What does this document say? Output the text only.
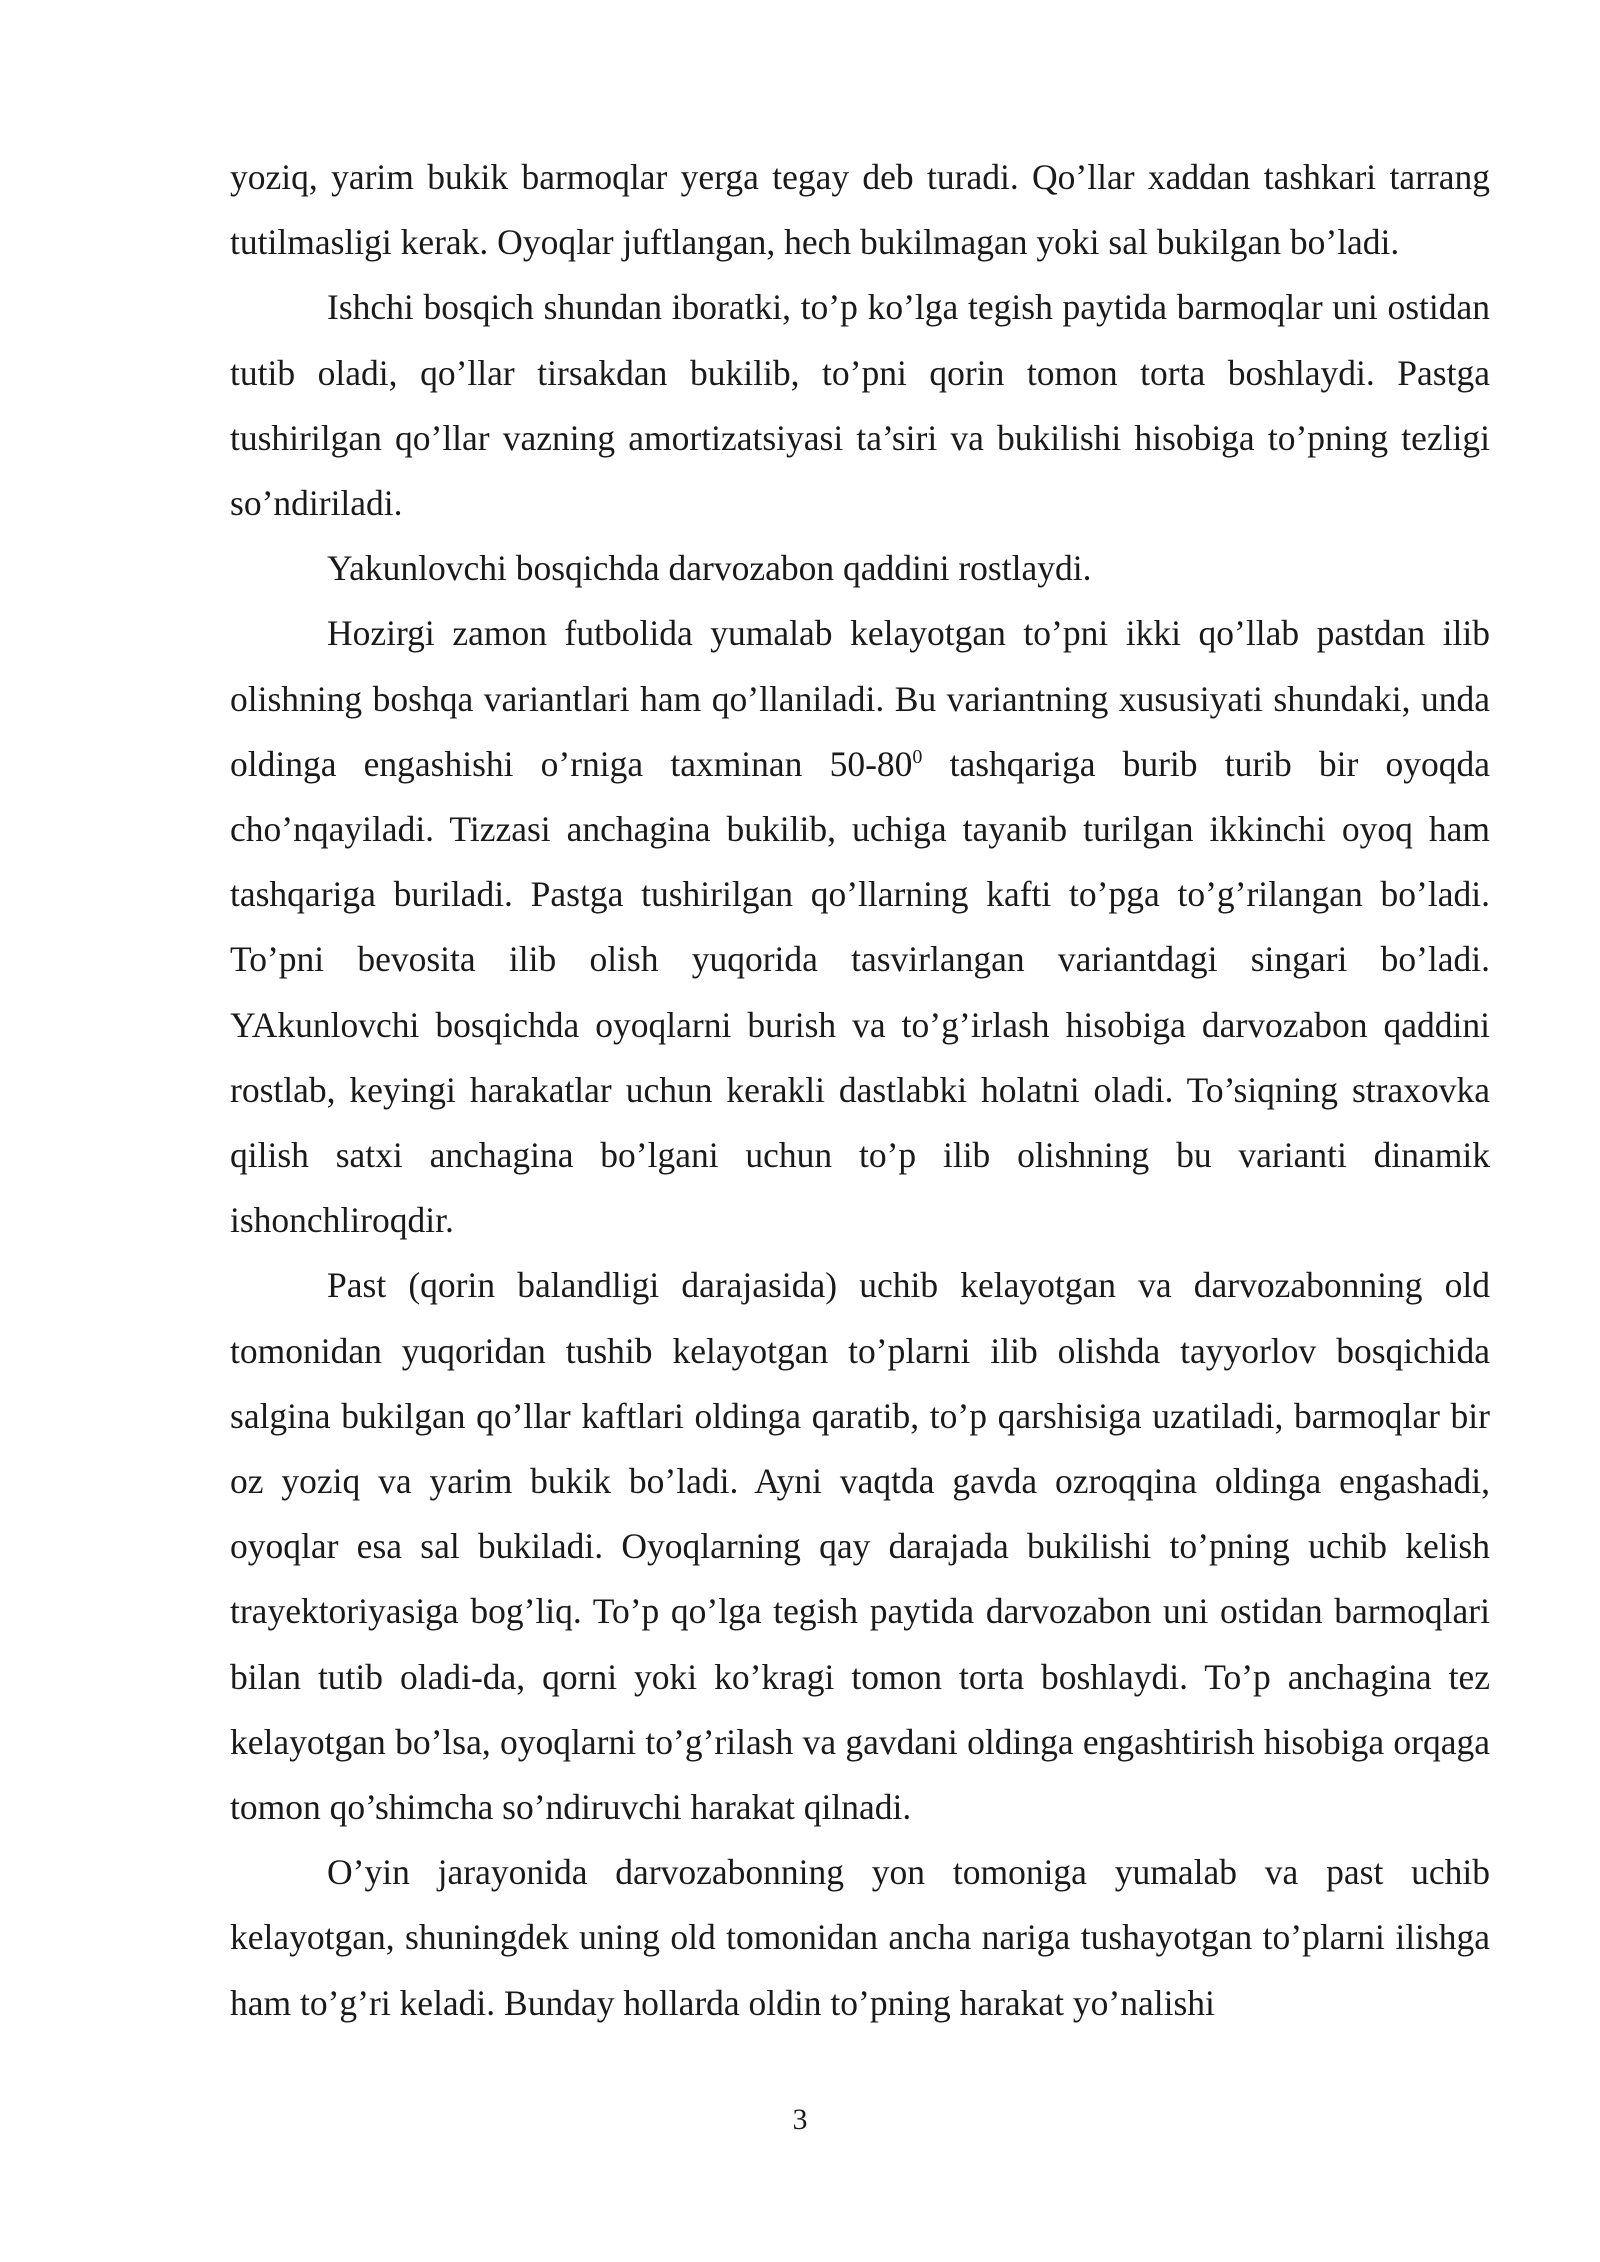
yoziq, yarim bukik barmoqlar yerga tegay deb turadi. Qo’llar xaddan tashkari tarrang tutilmasligi kerak. Oyoqlar juftlangan, hech bukilmagan yoki sal bukilgan bo’ladi.

Ishchi bosqich shundan iboratki, to’p ko’lga tegish paytida barmoqlar uni ostidan tutib oladi, qo’llar tirsakdan bukilib, to’pni qorin tomon torta boshlaydi. Pastga tushirilgan qo’llar vazning amortizatsiyasi ta’siri va bukilishi hisobiga to’pning tezligi so’ndiriladi.

Yakunlovchi bosqichda darvozabon qaddini rostlaydi.

Hozirgi zamon futbolida yumalab kelayotgan to’pni ikki qo’llab pastdan ilib olishning boshqa variantlari ham qo’llaniladi. Bu variantning xususiyati shundaki, unda oldinga engashishi o’rniga taxminan $50-80^0$ tashqariga burib turib bir oyoqda cho’nqayiladi. Tizzasi anchagina bukilib, uchiga tayanib turilgan ikkinchi oyoq ham tashqariga buriladi. Pastga tushirilgan qo’llarning kafti to’pga to’g’rilangan bo’ladi. To’pni bevosita ilib olish yuqorida tasvirlangan variantdagi singari bo’ladi. YAkunlovchi bosqichda oyoqlarni burish va to’g’irlash hisobiga darvozabon qaddini rostlab, keyingi harakatlar uchun kerakli dastlabki holatni oladi. To’siqning straxovka qilish satxi anchagina bo’lgani uchun to’p ilib olishning bu varianti dinamik ishonchliroqdir.

Past (qorin balandligi darajasida) uchib kelayotgan va darvozabonning old tomonidan yuqoridan tushib kelayotgan to’plarni ilib olishda tayyorlov bosqichida salgina bukilgan qo’llar kaftlari oldinga qaratib, to’p qarshisiga uzatiladi, barmoqlar bir oz yoziq va yarim bukik bo’ladi. Ayni vaqtda gavda ozroqqina oldinga engashadi, oyoqlar esa sal bukiladi. Oyoqlarning qay darajada bukilishi to’pning uchib kelish trayektoriyasiga bog’liq. To’p qo’lga tegish paytida darvozabon uni ostidan barmoqlari bilan tutib oladi-da, qorni yoki ko’kragi tomon torta boshlaydi. To’p anchagina tez kelayotgan bo’lsa, oyoqlarni to’g’rilash va gavdani oldinga engashtirish hisobiga orqaga tomon qo’shimcha so’ndiruvchi harakat qilnadi.

O’yin jarayonida darvozabonning yon tomoniga yumalab va past uchib kelayotgan, shuningdek uning old tomonidan ancha nariga tushayotgan to’plarni ilishga ham to’g’ri keladi. Bunday hollarda oldin to’pning harakat yo’nalishi

3
